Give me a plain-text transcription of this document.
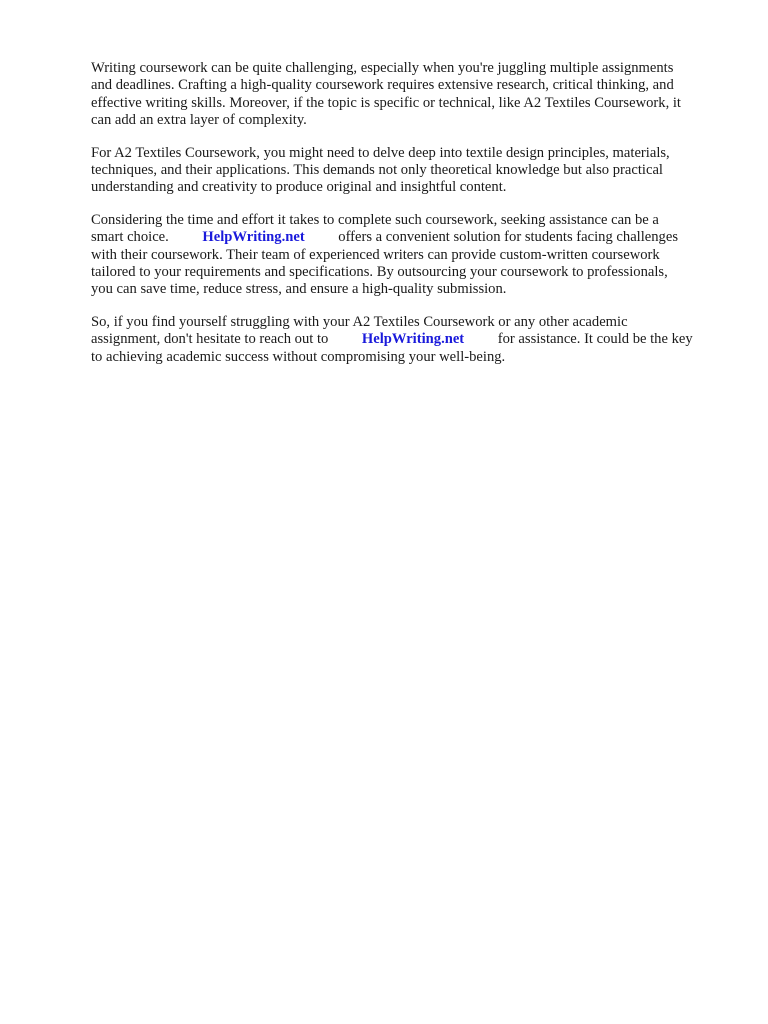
Writing coursework can be quite challenging, especially when you're juggling multiple assignments
and deadlines. Crafting a high-quality coursework requires extensive research, critical thinking, and
effective writing skills. Moreover, if the topic is specific or technical, like A2 Textiles Coursework, it
can add an extra layer of complexity.

For A2 Textiles Coursework, you might need to delve deep into textile design principles, materials,
techniques, and their applications. This demands not only theoretical knowledge but also practical
understanding and creativity to produce original and insightful content.

Considering the time and effort it takes to complete such coursework, seeking assistance can be a
smart choice. HelpWriting.net offers a convenient solution for students facing challenges
with their coursework. Their team of experienced writers can provide custom-written coursework
tailored to your requirements and specifications. By outsourcing your coursework to professionals,
you can save time, reduce stress, and ensure a high-quality submission.

So, if you find yourself struggling with your A2 Textiles Coursework or any other academic
assignment, don't hesitate to reach out to HelpWriting.net for assistance. It could be the key
to achieving academic success without compromising your well-being.
